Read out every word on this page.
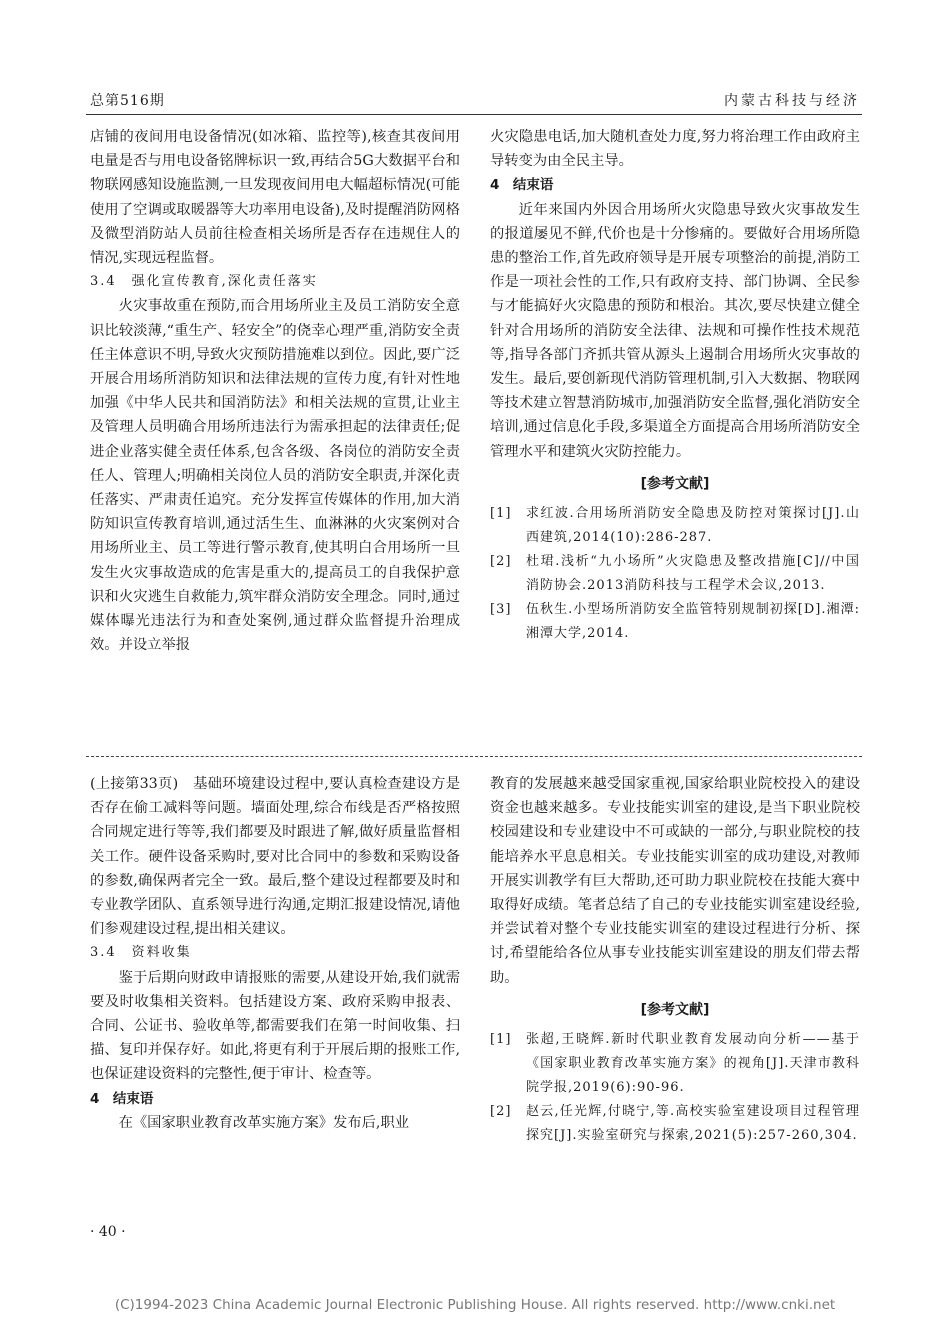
总第516期	内蒙古科技与经济

店铺的夜间用电设备情况(如冰箱、监控等),核查其夜间用电量是否与用电设备铭牌标识一致,再结合5G大数据平台和物联网感知设施监测,一旦发现夜间用电大幅超标情况(可能使用了空调或取暖器等大功率用电设备),及时提醒消防网格及微型消防站人员前往检查相关场所是否存在违规住人的情况,实现远程监督。

3.4　强化宣传教育,深化责任落实

火灾事故重在预防,而合用场所业主及员工消防安全意识比较淡薄,“重生产、轻安全”的侥幸心理严重,消防安全责任主体意识不明,导致火灾预防措施难以到位。因此,要广泛开展合用场所消防知识和法律法规的宣传力度,有针对性地加强《中华人民共和国消防法》和相关法规的宣贯,让业主及管理人员明确合用场所违法行为需承担起的法律责任;促进企业落实健全责任体系,包含各级、各岗位的消防安全责任人、管理人;明确相关岗位人员的消防安全职责,并深化责任落实、严肃责任追究。充分发挥宣传媒体的作用,加大消防知识宣传教育培训,通过活生生、血淋淋的火灾案例对合用场所业主、员工等进行警示教育,使其明白合用场所一旦发生火灾事故造成的危害是重大的,提高员工的自我保护意识和火灾逃生自救能力,筑牢群众消防安全理念。同时,通过媒体曝光违法行为和查处案例,通过群众监督提升治理成效。并设立举报

火灾隐患电话,加大随机查处力度,努力将治理工作由政府主导转变为由全民主导。

4　结束语

近年来国内外因合用场所火灾隐患导致火灾事故发生的报道屡见不鲜,代价也是十分惨痛的。要做好合用场所隐患的整治工作,首先政府领导是开展专项整治的前提,消防工作是一项社会性的工作,只有政府支持、部门协调、全民参与才能搞好火灾隐患的预防和根治。其次,要尽快建立健全针对合用场所的消防安全法律、法规和可操作性技术规范等,指导各部门齐抓共管从源头上遏制合用场所火灾事故的发生。最后,要创新现代消防管理机制,引入大数据、物联网等技术建立智慧消防城市,加强消防安全监督,强化消防安全培训,通过信息化手段,多渠道全方面提高合用场所消防安全管理水平和建筑火灾防控能力。

[参考文献]
[1]	求红波.合用场所消防安全隐患及防控对策探讨[J].山西建筑,2014(10):286-287.
[2]	杜珺.浅析“九小场所”火灾隐患及整改措施[C]//中国消防协会.2013消防科技与工程学术会议,2013.
[3]	伍秋生.小型场所消防安全监管特别规制初探[D].湘潭:湘潭大学,2014.

(上接第33页)　基础环境建设过程中,要认真检查建设方是否存在偷工减料等问题。墙面处理,综合布线是否严格按照合同规定进行等等,我们都要及时跟进了解,做好质量监督相关工作。硬件设备采购时,要对比合同中的参数和采购设备的参数,确保两者完全一致。最后,整个建设过程都要及时和专业教学团队、直系领导进行沟通,定期汇报建设情况,请他们参观建设过程,提出相关建议。

3.4　资料收集

鉴于后期向财政申请报账的需要,从建设开始,我们就需要及时收集相关资料。包括建设方案、政府采购申报表、合同、公证书、验收单等,都需要我们在第一时间收集、扫描、复印并保存好。如此,将更有利于开展后期的报账工作,也保证建设资料的完整性,便于审计、检查等。

4　结束语

在《国家职业教育改革实施方案》发布后,职业

教育的发展越来越受国家重视,国家给职业院校投入的建设资金也越来越多。专业技能实训室的建设,是当下职业院校校园建设和专业建设中不可或缺的一部分,与职业院校的技能培养水平息息相关。专业技能实训室的成功建设,对教师开展实训教学有巨大帮助,还可助力职业院校在技能大赛中取得好成绩。笔者总结了自己的专业技能实训室建设经验,并尝试着对整个专业技能实训室的建设过程进行分析、探讨,希望能给各位从事专业技能实训室建设的朋友们带去帮助。

[参考文献]
[1]	张超,王晓辉.新时代职业教育发展动向分析——基于《国家职业教育改革实施方案》的视角[J].天津市教科院学报,2019(6):90-96.
[2]	赵云,任光辉,付晓宁,等.高校实验室建设项目过程管理探究[J].实验室研究与探索,2021(5):257-260,304.
· 40 ·
(C)1994-2023 China Academic Journal Electronic Publishing House. All rights reserved. http://www.cnki.net
